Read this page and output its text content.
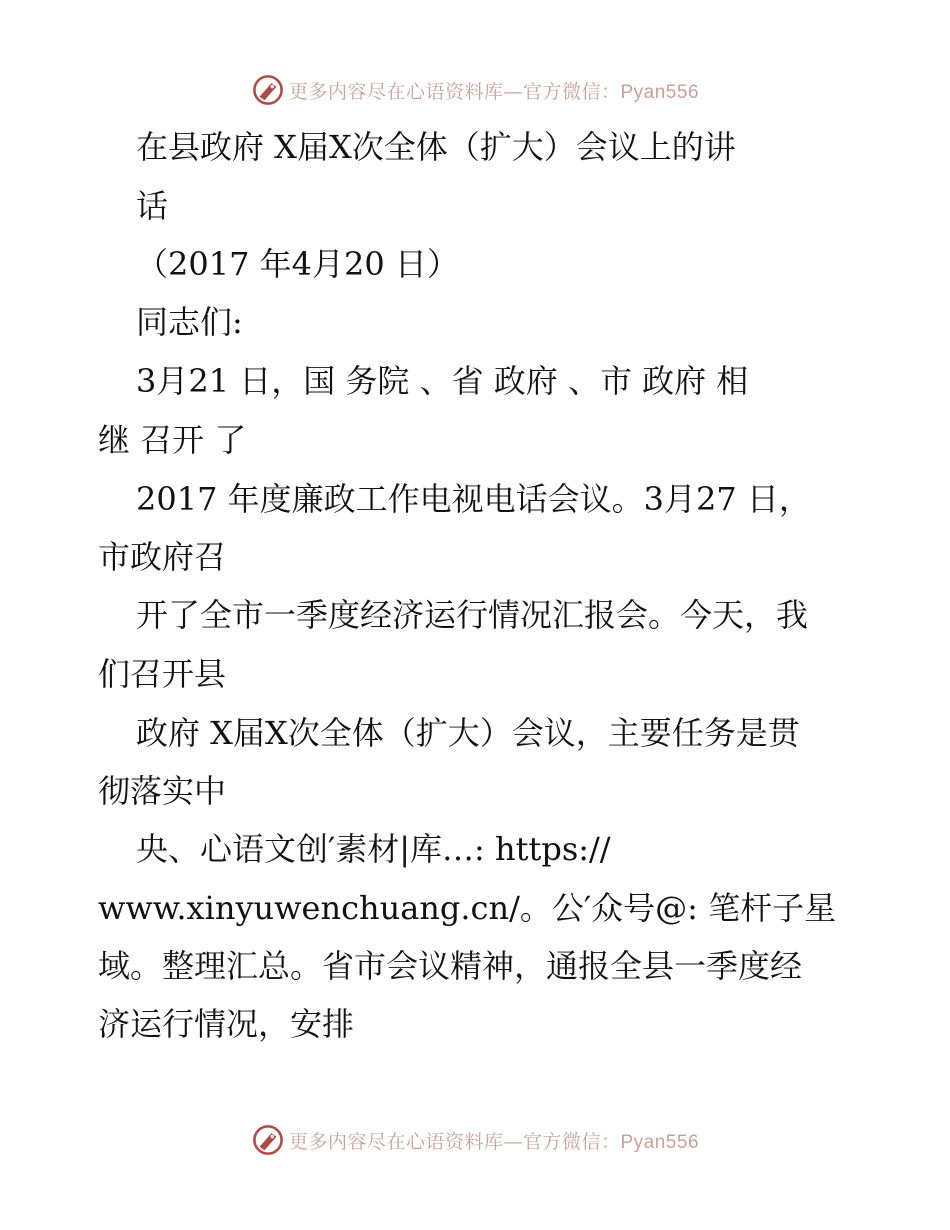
更多内容尽在心语资料库—官方微信：Pyan556
在县政府 X届X次全体（扩大）会议上的讲
话
（2017 年4月20 日）
同志们:
3月21 日，国 务院 、省 政府 、市 政府 相
继 召开 了
2017 年度廉政工作电视电话会议。3月27 日，
市政府召
开了全市一季度经济运行情况汇报会。今天，我
们召开县
政府 X届X次全体（扩大）会议，主要任务是贯
彻落实中
央、心语文创′素材|库…: https://
www.xinyuwenchuang.cn/。公′众号@: 笔杆子星
域。整理汇总。省市会议精神，通报全县一季度经
济运行情况，安排
更多内容尽在心语资料库—官方微信：Pyan556
